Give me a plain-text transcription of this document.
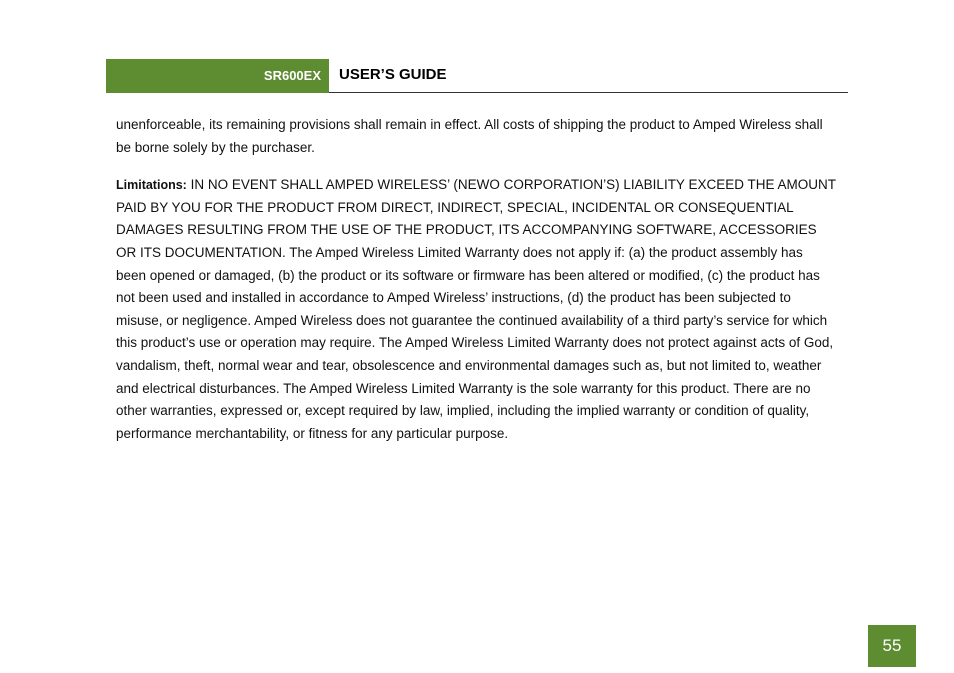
SR600EX	USER’S GUIDE

unenforceable, its remaining provisions shall remain in effect. All costs of shipping the product to Amped Wireless shall be borne solely by the purchaser.

Limitations: IN NO EVENT SHALL AMPED WIRELESS’ (NEWO CORPORATION’S) LIABILITY EXCEED THE AMOUNT PAID BY YOU FOR THE PRODUCT FROM DIRECT, INDIRECT, SPECIAL, INCIDENTAL OR CONSEQUENTIAL DAMAGES RESULTING FROM THE USE OF THE PRODUCT, ITS ACCOMPANYING SOFTWARE, ACCESSORIES OR ITS DOCUMENTATION. The Amped Wireless Limited Warranty does not apply if: (a) the product assembly has been opened or damaged, (b) the product or its software or firmware has been altered or modified, (c) the product has not been used and installed in accordance to Amped Wireless’ instructions, (d) the product has been subjected to misuse, or negligence. Amped Wireless does not guarantee the continued availability of a third party’s service for which this product’s use or operation may require. The Amped Wireless Limited Warranty does not protect against acts of God, vandalism, theft, normal wear and tear, obsolescence and environmental damages such as, but not limited to, weather and electrical disturbances. The Amped Wireless Limited Warranty is the sole warranty for this product. There are no other warranties, expressed or, except required by law, implied, including the implied warranty or condition of quality, performance merchantability, or fitness for any particular purpose.

55
